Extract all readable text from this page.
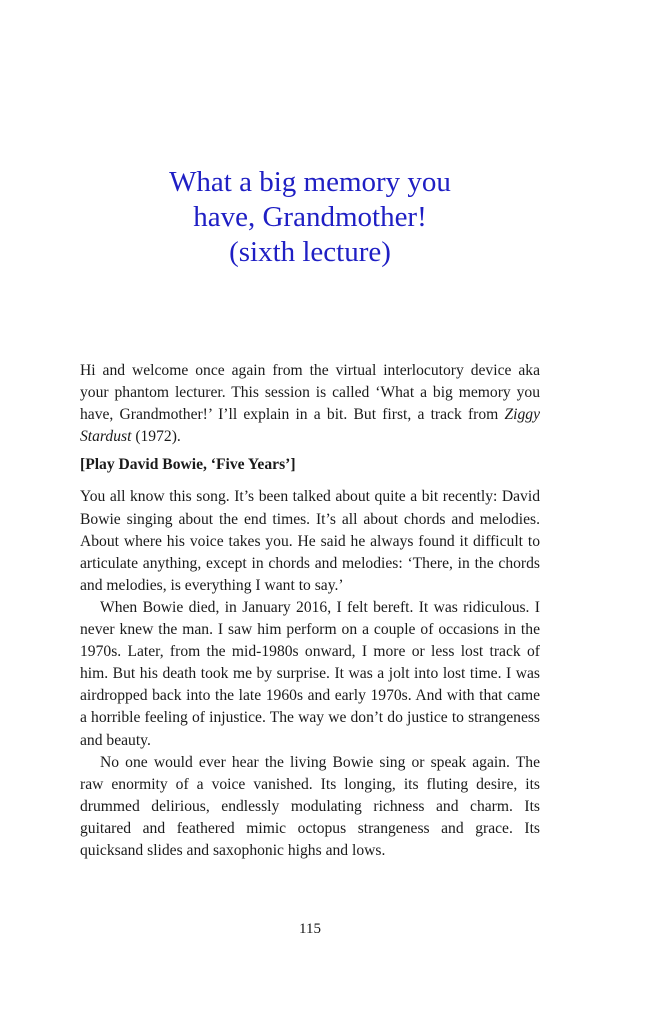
What a big memory you
have, Grandmother!
(sixth lecture)

Hi and welcome once again from the virtual interlocutory device aka your phantom lecturer. This session is called ‘What a big memory you have, Grandmother!’ I’ll explain in a bit. But first, a track from Ziggy Stardust (1972).

[Play David Bowie, ‘Five Years’]

You all know this song. It’s been talked about quite a bit recently: David Bowie singing about the end times. It’s all about chords and melodies. About where his voice takes you. He said he always found it difficult to articulate anything, except in chords and melodies: ‘There, in the chords and melodies, is everything I want to say.’

When Bowie died, in January 2016, I felt bereft. It was ridiculous. I never knew the man. I saw him perform on a couple of occasions in the 1970s. Later, from the mid-1980s onward, I more or less lost track of him. But his death took me by surprise. It was a jolt into lost time. I was airdropped back into the late 1960s and early 1970s. And with that came a horrible feeling of injustice. The way we don’t do justice to strangeness and beauty.

No one would ever hear the living Bowie sing or speak again. The raw enormity of a voice vanished. Its longing, its fluting desire, its drummed delirious, endlessly modulating richness and charm. Its guitared and feathered mimic octopus strangeness and grace. Its quicksand slides and saxophonic highs and lows.

115
